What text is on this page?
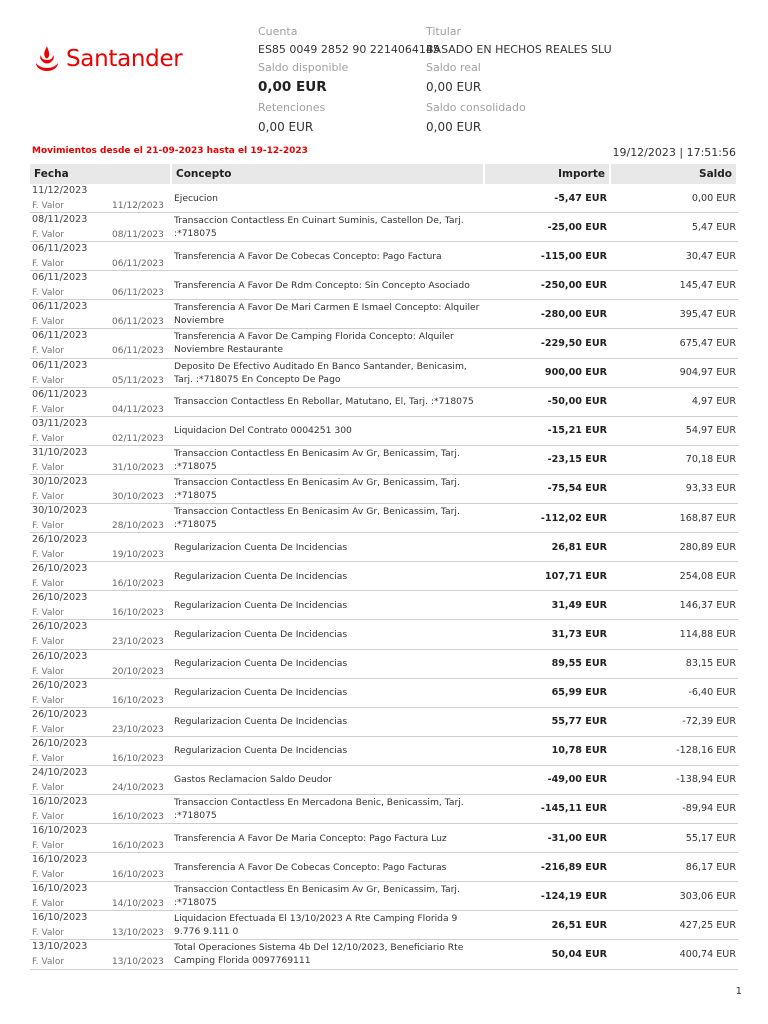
Santander
Cuenta
ES85 0049 2852 90 2214064145
Saldo disponible
0,00 EUR
Retenciones
0,00 EUR
Titular
BASADO EN HECHOS REALES SLU
Saldo real
0,00 EUR
Saldo consolidado
0,00 EUR
Movimientos desde el 21-09-2023 hasta el 19-12-2023	19/12/2023 | 17:51:56
Fecha	Concepto	Importe	Saldo
11/12/2023
F. Valor	11/12/2023
Ejecucion	-5,47 EUR	0,00 EUR
08/11/2023
F. Valor	08/11/2023
Transaccion Contactless En Cuinart Suminis, Castellon De, Tarj. :*718075
-25,00 EUR	5,47 EUR
06/11/2023
F. Valor	06/11/2023
Transferencia A Favor De Cobecas Concepto: Pago Factura	-115,00 EUR	30,47 EUR
06/11/2023
F. Valor	06/11/2023
Transferencia A Favor De Rdm Concepto: Sin Concepto Asociado	-250,00 EUR	145,47 EUR
06/11/2023
F. Valor	06/11/2023
Transferencia A Favor De Mari Carmen E Ismael Concepto: Alquiler Noviembre
-280,00 EUR	395,47 EUR
06/11/2023
F. Valor	06/11/2023
Transferencia A Favor De Camping Florida Concepto: Alquiler Noviembre Restaurante
-229,50 EUR	675,47 EUR
06/11/2023
F. Valor	05/11/2023
Deposito De Efectivo Auditado En Banco Santander, Benicasim, Tarj. :*718075 En Concepto De Pago
900,00 EUR	904,97 EUR
06/11/2023
F. Valor	04/11/2023
Transaccion Contactless En Rebollar, Matutano, El, Tarj. :*718075	-50,00 EUR	4,97 EUR
03/11/2023
F. Valor	02/11/2023
Liquidacion Del Contrato 0004251 300	-15,21 EUR	54,97 EUR
31/10/2023
F. Valor	31/10/2023
Transaccion Contactless En Benicasim Av Gr, Benicassim, Tarj. :*718075
-23,15 EUR	70,18 EUR
30/10/2023
F. Valor	30/10/2023
Transaccion Contactless En Benicasim Av Gr, Benicassim, Tarj. :*718075
-75,54 EUR	93,33 EUR
30/10/2023
F. Valor	28/10/2023
Transaccion Contactless En Benicasim Av Gr, Benicassim, Tarj. :*718075
-112,02 EUR	168,87 EUR
26/10/2023
F. Valor	19/10/2023
Regularizacion Cuenta De Incidencias	26,81 EUR	280,89 EUR
26/10/2023
F. Valor	16/10/2023
Regularizacion Cuenta De Incidencias	107,71 EUR	254,08 EUR
26/10/2023
F. Valor	16/10/2023
Regularizacion Cuenta De Incidencias	31,49 EUR	146,37 EUR
26/10/2023
F. Valor	23/10/2023
Regularizacion Cuenta De Incidencias	31,73 EUR	114,88 EUR
26/10/2023
F. Valor	20/10/2023
Regularizacion Cuenta De Incidencias	89,55 EUR	83,15 EUR
26/10/2023
F. Valor	16/10/2023
Regularizacion Cuenta De Incidencias	65,99 EUR	-6,40 EUR
26/10/2023
F. Valor	23/10/2023
Regularizacion Cuenta De Incidencias	55,77 EUR	-72,39 EUR
26/10/2023
F. Valor	16/10/2023
Regularizacion Cuenta De Incidencias	10,78 EUR	-128,16 EUR
24/10/2023
F. Valor	24/10/2023
Gastos Reclamacion Saldo Deudor	-49,00 EUR	-138,94 EUR
16/10/2023
F. Valor	16/10/2023
Transaccion Contactless En Mercadona Benic, Benicassim, Tarj. :*718075
-145,11 EUR	-89,94 EUR
16/10/2023
F. Valor	16/10/2023
Transferencia A Favor De Maria Concepto: Pago Factura Luz	-31,00 EUR	55,17 EUR
16/10/2023
F. Valor	16/10/2023
Transferencia A Favor De Cobecas Concepto: Pago Facturas	-216,89 EUR	86,17 EUR
16/10/2023
F. Valor	14/10/2023
Transaccion Contactless En Benicasim Av Gr, Benicassim, Tarj. :*718075
-124,19 EUR	303,06 EUR
16/10/2023
F. Valor	13/10/2023
Liquidacion Efectuada El 13/10/2023 A Rte Camping Florida 9 9.776 9.111 0
26,51 EUR	427,25 EUR
13/10/2023
F. Valor	13/10/2023
Total Operaciones Sistema 4b Del 12/10/2023, Beneficiario Rte Camping Florida 0097769111
50,04 EUR	400,74 EUR
1
